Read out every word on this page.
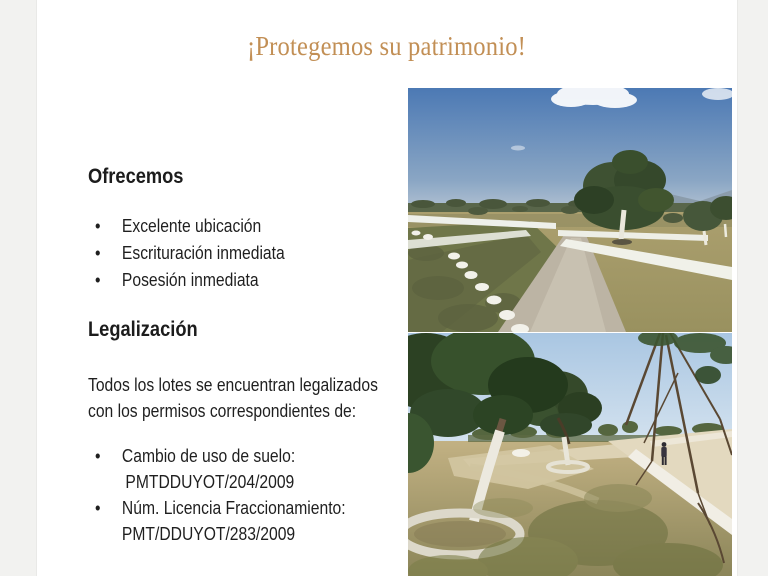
¡Protegemos su patrimonio!
Ofrecemos
• Excelente ubicación
• Escrituración inmediata
• Posesión inmediata
Legalización
Todos los lotes se encuentran legalizados
con los permisos correspondientes de:
• Cambio de uso de suelo:
PMTDDUYOT/204/2009
• Núm. Licencia Fraccionamiento:
PMT/DDUYOT/283/2009
